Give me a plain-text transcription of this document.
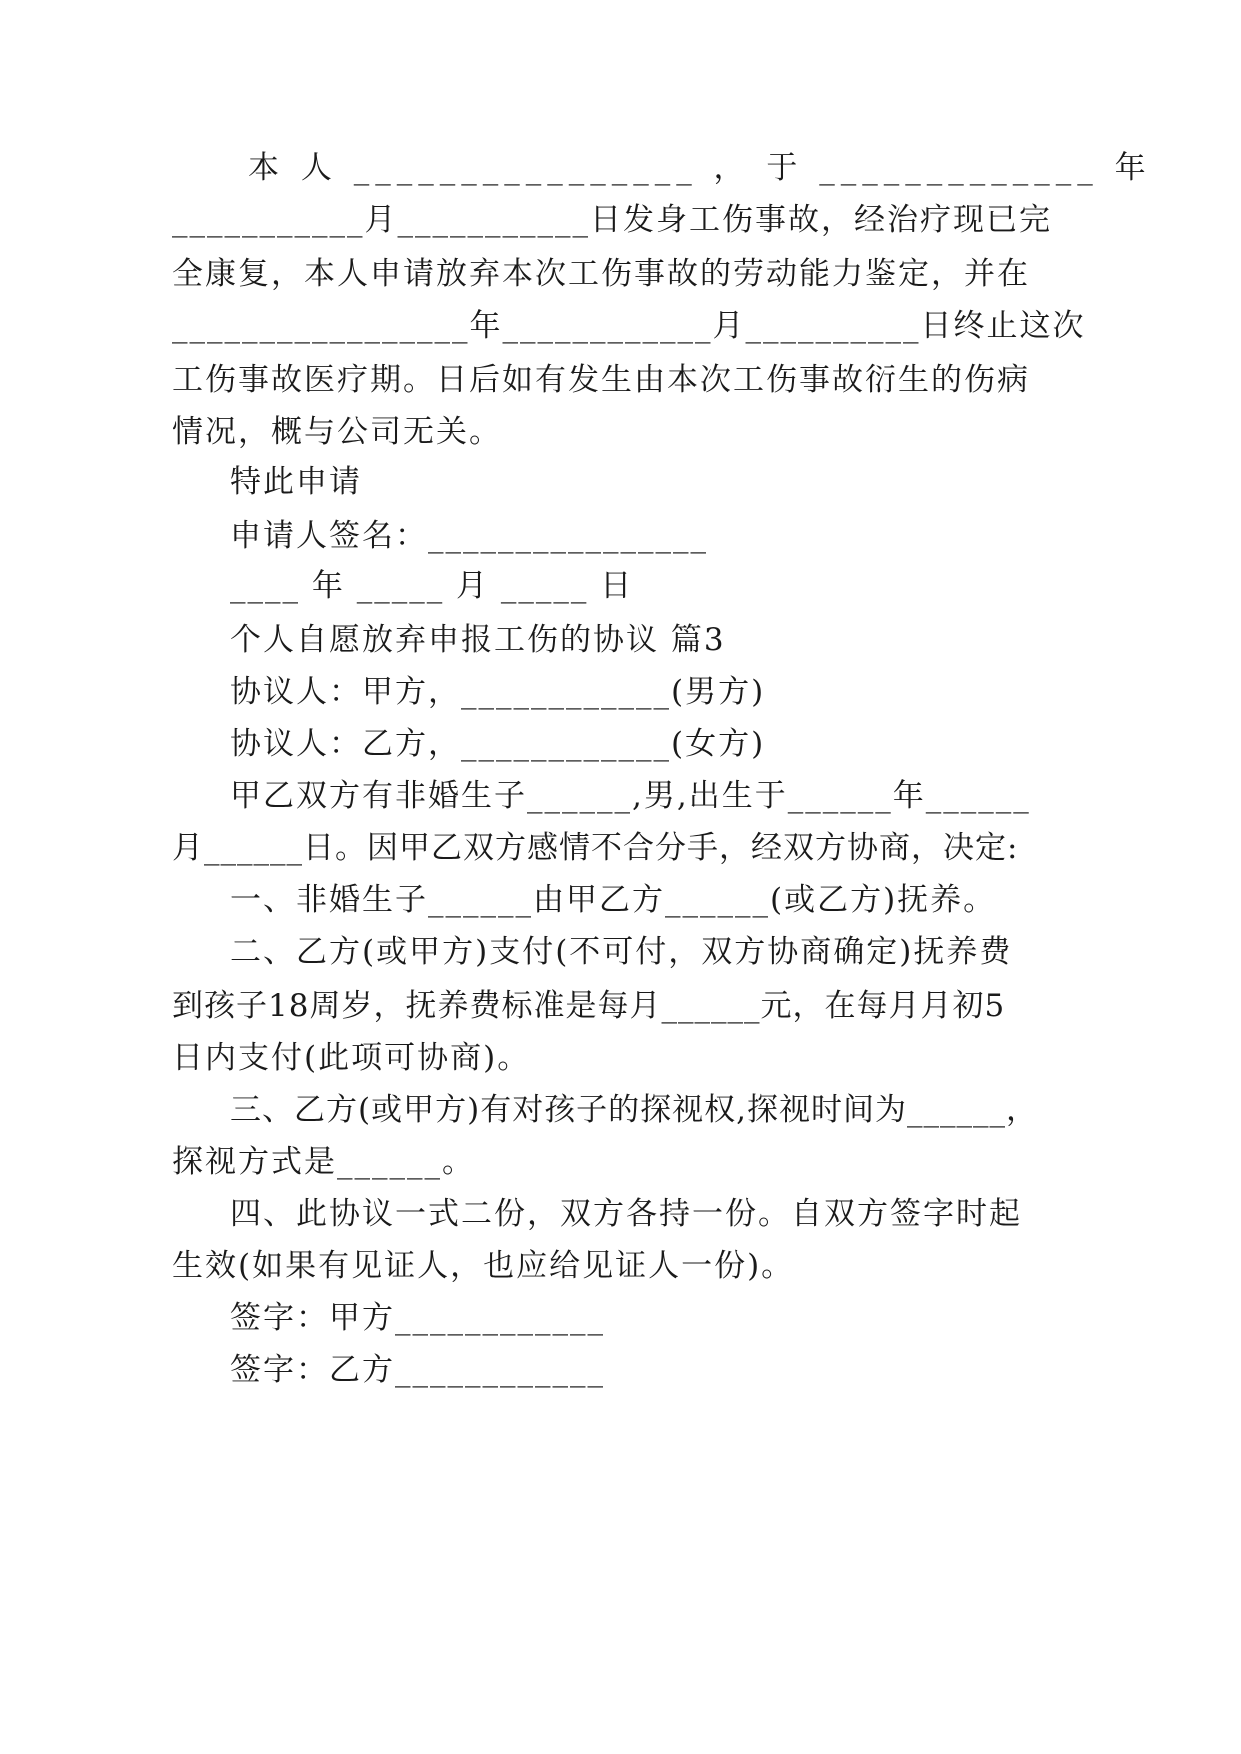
本 人 ________________ ， 于 _____________ 年
___________月___________日发身工伤事故，经治疗现已完
全康复，本人申请放弃本次工伤事故的劳动能力鉴定，并在
_________________年____________月__________日终止这次
工伤事故医疗期。日后如有发生由本次工伤事故衍生的伤病
情况，概与公司无关。
特此申请
申请人签名：________________
____ 年 _____ 月 _____ 日
个人自愿放弃申报工伤的协议 篇3
协议人：甲方，____________(男方)
协议人：乙方，____________(女方)
甲乙双方有非婚生子______,男,出生于______年______
月______日。因甲乙双方感情不合分手，经双方协商，决定:
一、非婚生子______由甲乙方______(或乙方)抚养。
二、乙方(或甲方)支付(不可付，双方协商确定)抚养费
到孩子18周岁，抚养费标准是每月______元，在每月月初5
日内支付(此项可协商)。
三、乙方(或甲方)有对孩子的探视权,探视时间为______，
探视方式是______。
四、此协议一式二份，双方各持一份。自双方签字时起
生效(如果有见证人，也应给见证人一份)。
签字：甲方____________
签字：乙方____________
